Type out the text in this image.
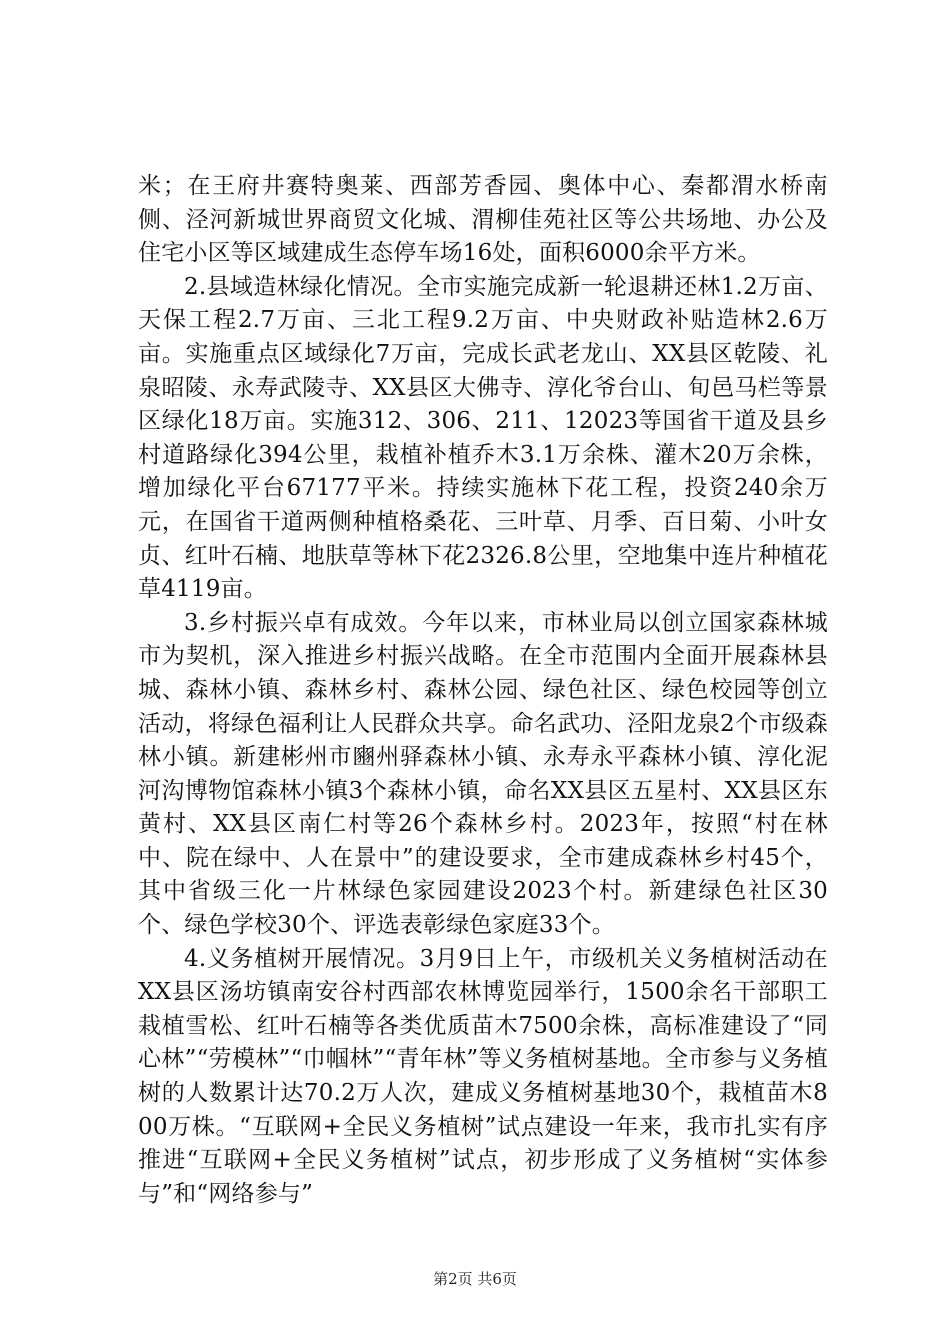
米；在王府井赛特奥莱、西部芳香园、奥体中心、秦都渭水桥南侧、泾河新城世界商贸文化城、渭柳佳苑社区等公共场地、办公及住宅小区等区域建成生态停车场16处，面积6000余平方米。

2.县域造林绿化情况。全市实施完成新一轮退耕还林1.2万亩、天保工程2.7万亩、三北工程9.2万亩、中央财政补贴造林2.6万亩。实施重点区域绿化7万亩，完成长武老龙山、XX县区乾陵、礼泉昭陵、永寿武陵寺、XX县区大佛寺、淳化爷台山、旬邑马栏等景区绿化18万亩。实施312、306、211、12023等国省干道及县乡村道路绿化394公里，栽植补植乔木3.1万余株、灌木20万余株，增加绿化平台67177平米。持续实施林下花工程，投资240余万元，在国省干道两侧种植格桑花、三叶草、月季、百日菊、小叶女贞、红叶石楠、地肤草等林下花2326.8公里，空地集中连片种植花草4119亩。

3.乡村振兴卓有成效。今年以来，市林业局以创立国家森林城市为契机，深入推进乡村振兴战略。在全市范围内全面开展森林县城、森林小镇、森林乡村、森林公园、绿色社区、绿色校园等创立活动，将绿色福利让人民群众共享。命名武功、泾阳龙泉2个市级森林小镇。新建彬州市豳州驿森林小镇、永寿永平森林小镇、淳化泥河沟博物馆森林小镇3个森林小镇，命名XX县区五星村、XX县区东黄村、XX县区南仁村等26个森林乡村。2023年，按照“村在林中、院在绿中、人在景中”的建设要求，全市建成森林乡村45个，其中省级三化一片林绿色家园建设2023个村。新建绿色社区30个、绿色学校30个、评选表彰绿色家庭33个。

4.义务植树开展情况。3月9日上午，市级机关义务植树活动在XX县区汤坊镇南安谷村西部农林博览园举行，1500余名干部职工栽植雪松、红叶石楠等各类优质苗木7500余株，高标准建设了“同心林”“劳模林”“巾帼林”“青年林”等义务植树基地。全市参与义务植树的人数累计达70.2万人次，建成义务植树基地30个，栽植苗木800万株。“互联网+全民义务植树”试点建设一年来，我市扎实有序推进“互联网+全民义务植树”试点，初步形成了义务植树“实体参与”和“网络参与”

第2页 共6页
